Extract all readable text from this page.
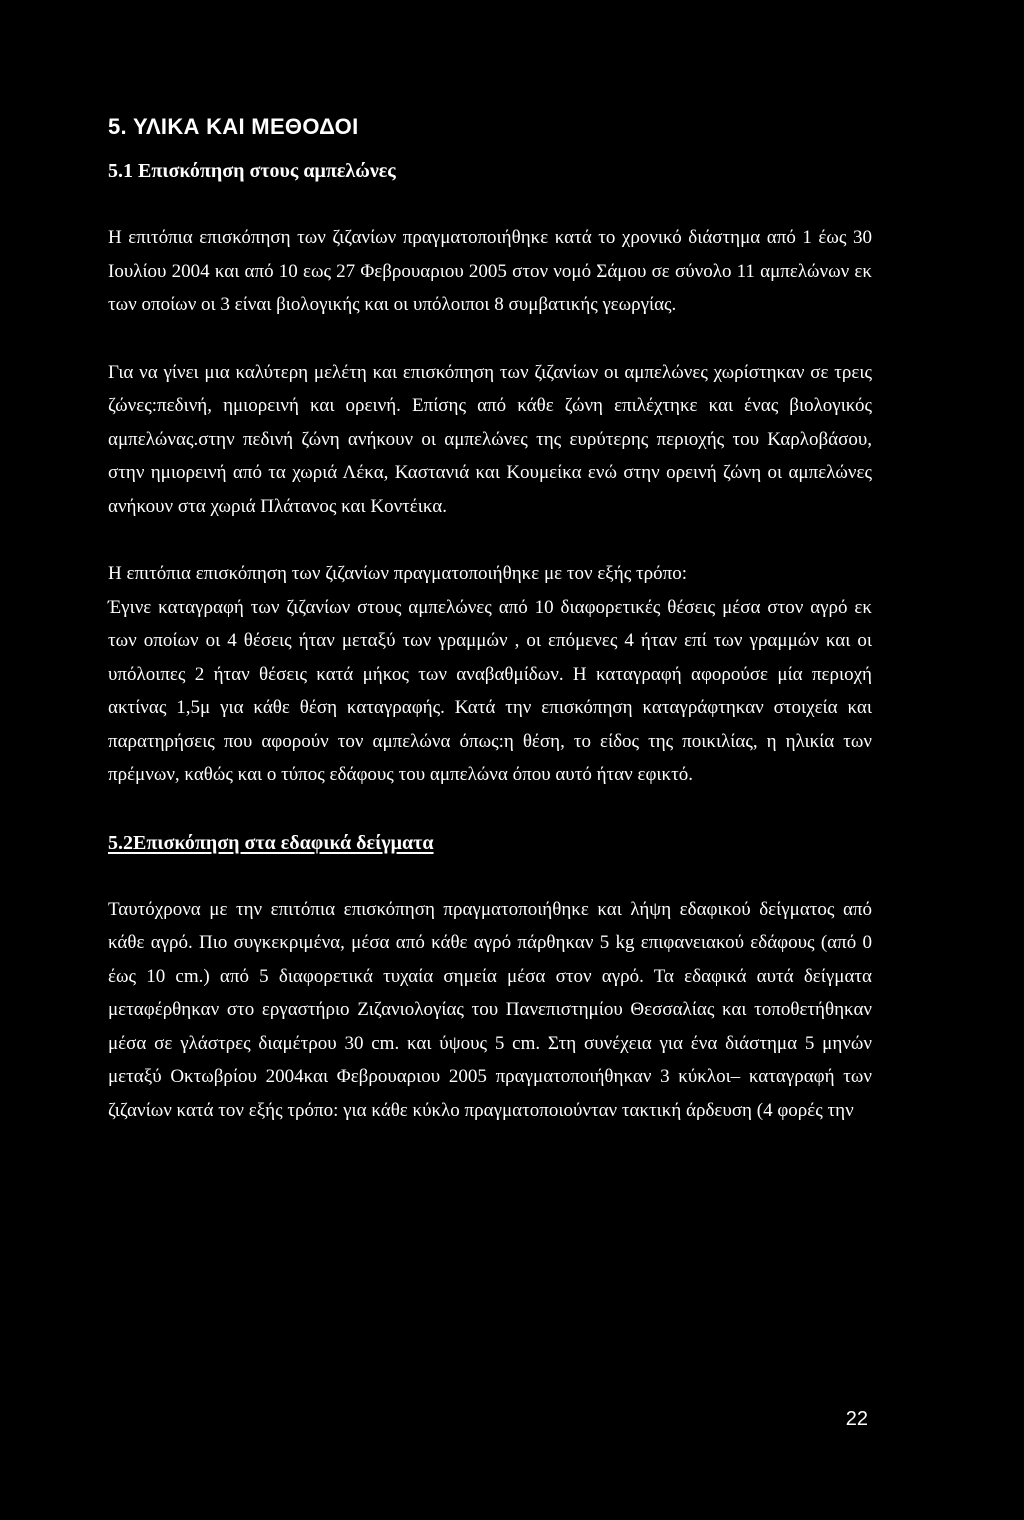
5. ΥΛΙΚΑ ΚΑΙ ΜΕΘΟΔΟΙ
5.1 Επισκόπηση στους αμπελώνες

Η επιτόπια επισκόπηση των ζιζανίων πραγματοποιήθηκε κατά το χρονικό διάστημα από 1 έως 30 Ιουλίου 2004 και από 10 εως 27 Φεβρουαριου 2005 στον νομό Σάμου σε σύνολο 11 αμπελώνων εκ των οποίων οι 3 είναι βιολογικής και οι υπόλοιποι 8 συμβατικής γεωργίας.

Για να γίνει μια καλύτερη μελέτη και επισκόπηση των ζιζανίων οι αμπελώνες χωρίστηκαν σε τρεις ζώνες:πεδινή, ημιορεινή και ορεινή. Επίσης από κάθε ζώνη επιλέχτηκε και ένας βιολογικός αμπελώνας.στην πεδινή ζώνη ανήκουν οι αμπελώνες της ευρύτερης περιοχής του Καρλοβάσου, στην ημιορεινή από τα χωριά Λέκα, Καστανιά και Κουμείκα ενώ στην ορεινή ζώνη οι αμπελώνες ανήκουν στα χωριά Πλάτανος και Κοντέικα.

Η επιτόπια επισκόπηση των ζιζανίων πραγματοποιήθηκε με τον εξής τρόπο:

Έγινε καταγραφή των ζιζανίων στους αμπελώνες από 10 διαφορετικές θέσεις μέσα στον αγρό εκ των οποίων οι 4 θέσεις ήταν μεταξύ των γραμμών , οι επόμενες 4 ήταν επί των γραμμών και οι υπόλοιπες 2 ήταν θέσεις κατά μήκος των αναβαθμίδων. Η καταγραφή αφορούσε μία περιοχή ακτίνας 1,5μ για κάθε θέση καταγραφής. Κατά την επισκόπηση καταγράφτηκαν στοιχεία και παρατηρήσεις που αφορούν τον αμπελώνα όπως:η θέση, το είδος της ποικιλίας, η ηλικία των πρέμνων, καθώς και ο τύπος εδάφους του αμπελώνα όπου αυτό ήταν εφικτό.

5.2Επισκόπηση στα εδαφικά δείγματα

Ταυτόχρονα με την επιτόπια επισκόπηση πραγματοποιήθηκε και λήψη εδαφικού δείγματος από κάθε αγρό. Πιο συγκεκριμένα, μέσα από κάθε αγρό πάρθηκαν 5 kg επιφανειακού εδάφους (από 0 έως 10 cm.) από 5 διαφορετικά τυχαία σημεία μέσα στον αγρό. Τα εδαφικά αυτά δείγματα μεταφέρθηκαν στο εργαστήριο Ζιζανιολογίας του Πανεπιστημίου Θεσσαλίας και τοποθετήθηκαν μέσα σε γλάστρες διαμέτρου 30 cm. και ύψους 5 cm. Στη συνέχεια για ένα διάστημα 5 μηνών μεταξύ Οκτωβρίου 2004και Φεβρουαριου 2005 πραγματοποιήθηκαν 3 κύκλοι– καταγραφή των ζιζανίων κατά τον εξής τρόπο: για κάθε κύκλο πραγματοποιούνταν τακτική άρδευση (4 φορές την

22
